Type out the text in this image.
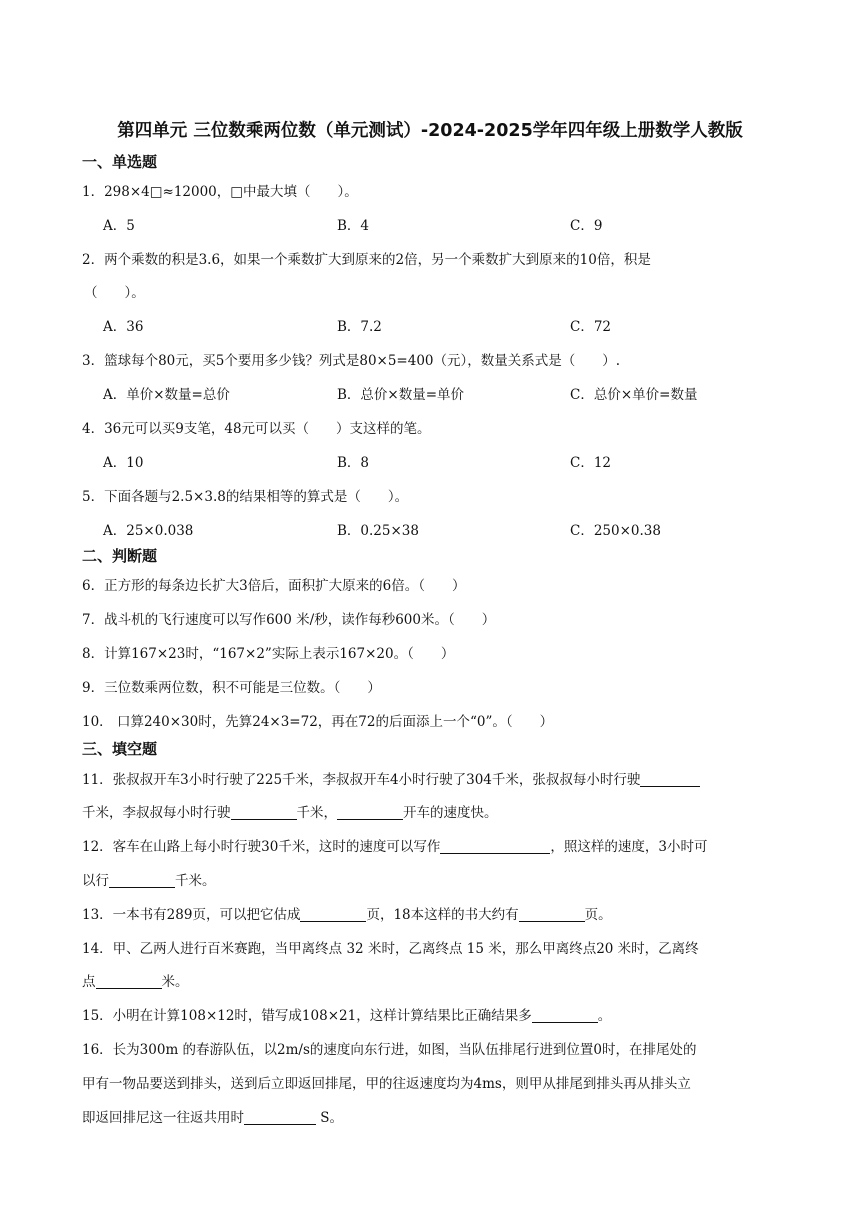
第四单元 三位数乘两位数（单元测试）-2024-2025学年四年级上册数学人教版
一、单选题
1．298×4□≈12000，□中最大填（　　）。
A．5	B．4	C．9
2．两个乘数的积是3.6，如果一个乘数扩大到原来的2倍，另一个乘数扩大到原来的10倍，积是
（　　）。
A．36	B．7.2	C．72
3．篮球每个80元，买5个要用多少钱？列式是80×5=400（元），数量关系式是（　　）.
A．单价×数量=总价	B．总价×数量=单价	C．总价×单价=数量
4．36元可以买9支笔，48元可以买（　　）支这样的笔。
A．10	B．8	C．12
5．下面各题与2.5×3.8的结果相等的算式是（　　）。
A．25×0.038	B．0.25×38	C．250×0.38
二、判断题
6．正方形的每条边长扩大3倍后，面积扩大原来的6倍。（　　）
7．战斗机的飞行速度可以写作600 米/秒，读作每秒600米。（　　）
8．计算167×23时，“167×2”实际上表示167×20。（　　）
9．三位数乘两位数，积不可能是三位数。（　　）
10． 口算240×30时，先算24×3=72，再在72的后面添上一个“0”。（　　）
三、填空题
11．张叔叔开车3小时行驶了225千米，李叔叔开车4小时行驶了304千米，张叔叔每小时行驶
千米，李叔叔每小时行驶	千米，	开车的速度快。
12．客车在山路上每小时行驶30千米，这时的速度可以写作	，照这样的速度，3小时可
以行	千米。
13．一本书有289页，可以把它估成	页，18本这样的书大约有	页。
14．甲、乙两人进行百米赛跑，当甲离终点 32 米时，乙离终点 15 米，那么甲离终点20 米时，乙离终
点	米。
15．小明在计算108×12时，错写成108×21，这样计算结果比正确结果多	。
16．长为300m 的春游队伍，以2m/s的速度向东行进，如图，当队伍排尾行进到位置0时，在排尾处的
甲有一物品要送到排头，送到后立即返回排尾，甲的往返速度均为4ms，则甲从排尾到排头再从排头立
即返回排尼这一往返共用时	S。
